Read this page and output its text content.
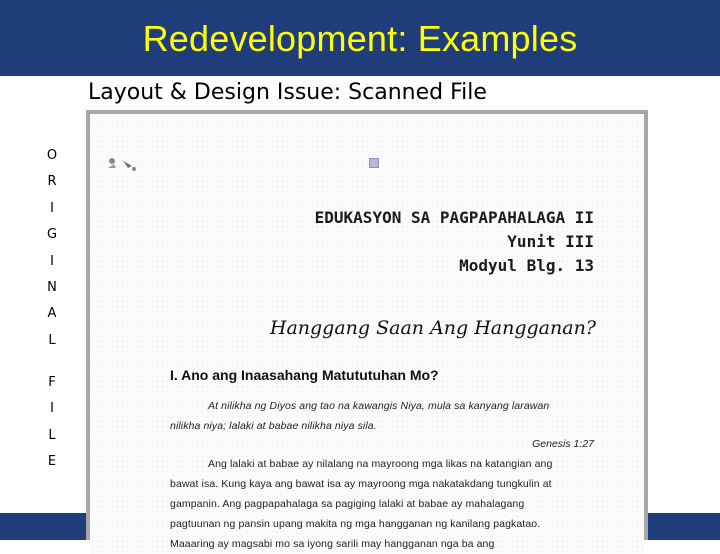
Redevelopment: Examples
Layout & Design Issue: Scanned File
O
R
I
G
I
N
A
L
F
I
L
E
EDUKASYON SA PAGPAPAHALAGA II
Yunit III
Modyul Blg. 13
Hanggang Saan Ang Hangganan?
I. Ano ang Inaasahang Matututuhan Mo?
At nilikha ng Diyos ang tao na kawangis Niya, mula sa kanyang larawan
nilikha niya; lalaki at babae nilikha niya sila.
Genesis 1:27
Ang lalaki at babae ay nilalang na mayroong mga likas na katangian ang
bawat isa. Kung kaya ang bawat isa ay mayroong mga nakatakdang tungkulin at
gampanin. Ang pagpapahalaga sa pagiging lalaki at babae ay mahalagang
pagtuunan ng pansin upang makita ng mga hangganan ng kanilang pagkatao.
Maaaring ay magsabi mo sa iyong sarili may hangganan nga ba ang
